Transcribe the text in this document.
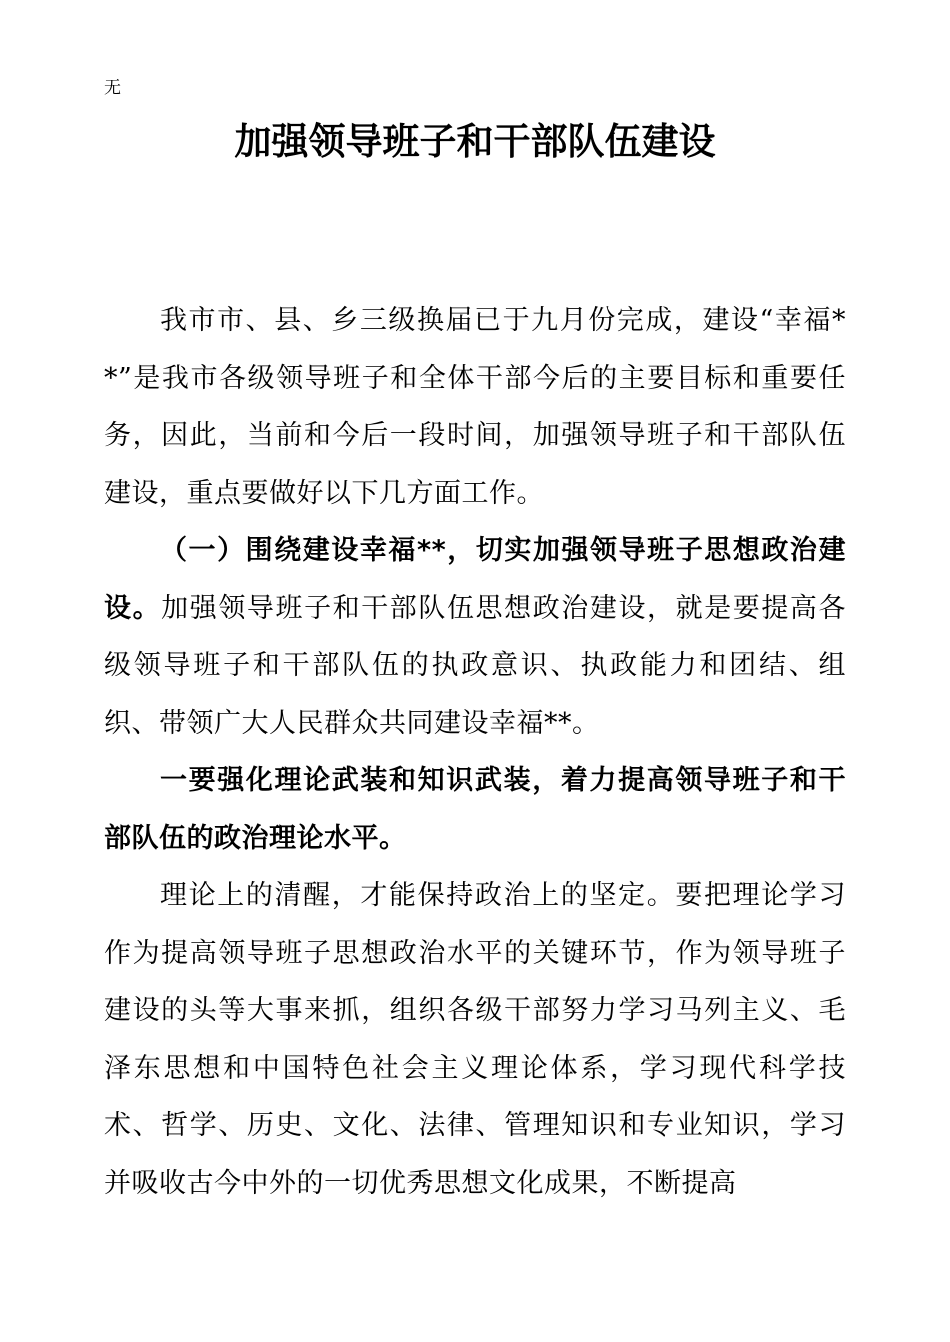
无
加强领导班子和干部队伍建设

我市市、县、乡三级换届已于九月份完成，建设“幸福**”是我市各级领导班子和全体干部今后的主要目标和重要任务，因此，当前和今后一段时间，加强领导班子和干部队伍建设，重点要做好以下几方面工作。

（一）围绕建设幸福**，切实加强领导班子思想政治建设。加强领导班子和干部队伍思想政治建设，就是要提高各级领导班子和干部队伍的执政意识、执政能力和团结、组织、带领广大人民群众共同建设幸福**。

一要强化理论武装和知识武装，着力提高领导班子和干部队伍的政治理论水平。

理论上的清醒，才能保持政治上的坚定。要把理论学习作为提高领导班子思想政治水平的关键环节，作为领导班子建设的头等大事来抓，组织各级干部努力学习马列主义、毛泽东思想和中国特色社会主义理论体系，学习现代科学技术、哲学、历史、文化、法律、管理知识和专业知识，学习并吸收古今中外的一切优秀思想文化成果，不断提高
